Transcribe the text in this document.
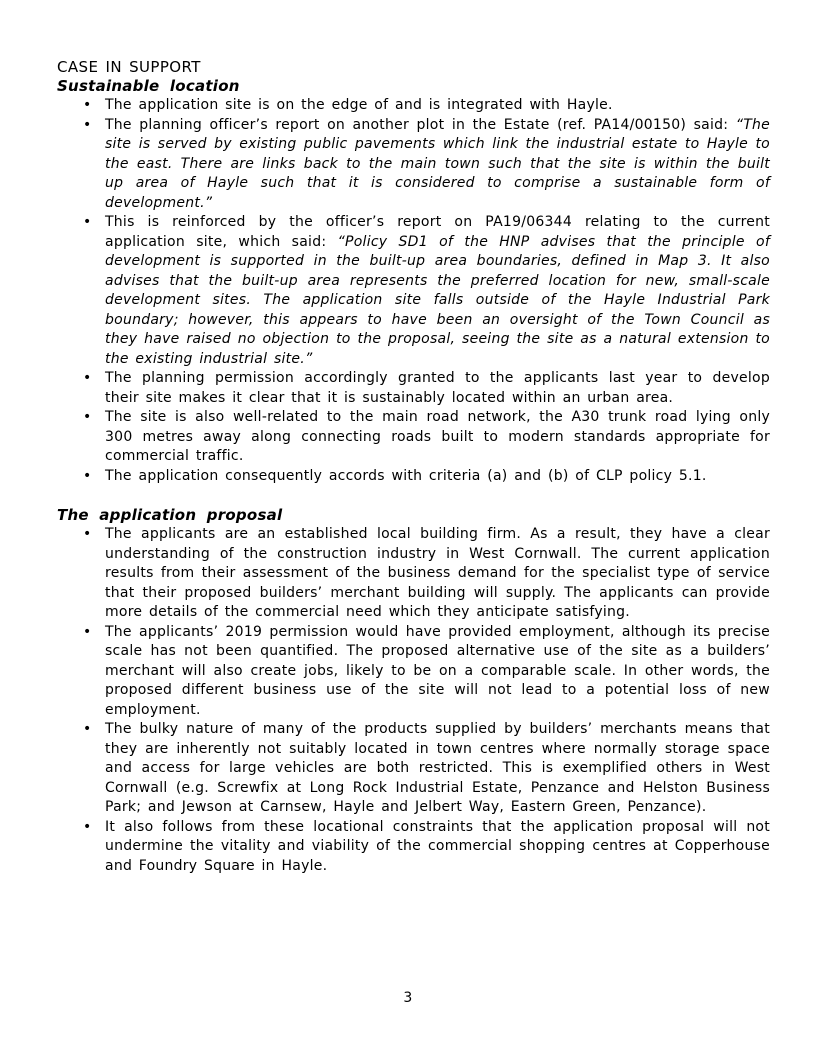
CASE IN SUPPORT
Sustainable location
• The application site is on the edge of and is integrated with Hayle.
• The planning officer’s report on another plot in the Estate (ref. PA14/00150) said: “The site is served by existing public pavements which link the industrial estate to Hayle to the east. There are links back to the main town such that the site is within the built up area of Hayle such that it is considered to comprise a sustainable form of development.”
• This is reinforced by the officer’s report on PA19/06344 relating to the current application site, which said: “Policy SD1 of the HNP advises that the principle of development is supported in the built-up area boundaries, defined in Map 3. It also advises that the built-up area represents the preferred location for new, small-scale development sites. The application site falls outside of the Hayle Industrial Park boundary; however, this appears to have been an oversight of the Town Council as they have raised no objection to the proposal, seeing the site as a natural extension to the existing industrial site.”
• The planning permission accordingly granted to the applicants last year to develop their site makes it clear that it is sustainably located within an urban area.
• The site is also well-related to the main road network, the A30 trunk road lying only 300 metres away along connecting roads built to modern standards appropriate for commercial traffic.
• The application consequently accords with criteria (a) and (b) of CLP policy 5.1.
The application proposal
• The applicants are an established local building firm. As a result, they have a clear understanding of the construction industry in West Cornwall. The current application results from their assessment of the business demand for the specialist type of service that their proposed builders’ merchant building will supply. The applicants can provide more details of the commercial need which they anticipate satisfying.
• The applicants’ 2019 permission would have provided employment, although its precise scale has not been quantified. The proposed alternative use of the site as a builders’ merchant will also create jobs, likely to be on a comparable scale. In other words, the proposed different business use of the site will not lead to a potential loss of new employment.
• The bulky nature of many of the products supplied by builders’ merchants means that they are inherently not suitably located in town centres where normally storage space and access for large vehicles are both restricted. This is exemplified others in West Cornwall (e.g. Screwfix at Long Rock Industrial Estate, Penzance and Helston Business Park; and Jewson at Carnsew, Hayle and Jelbert Way, Eastern Green, Penzance).
• It also follows from these locational constraints that the application proposal will not undermine the vitality and viability of the commercial shopping centres at Copperhouse and Foundry Square in Hayle.
3
